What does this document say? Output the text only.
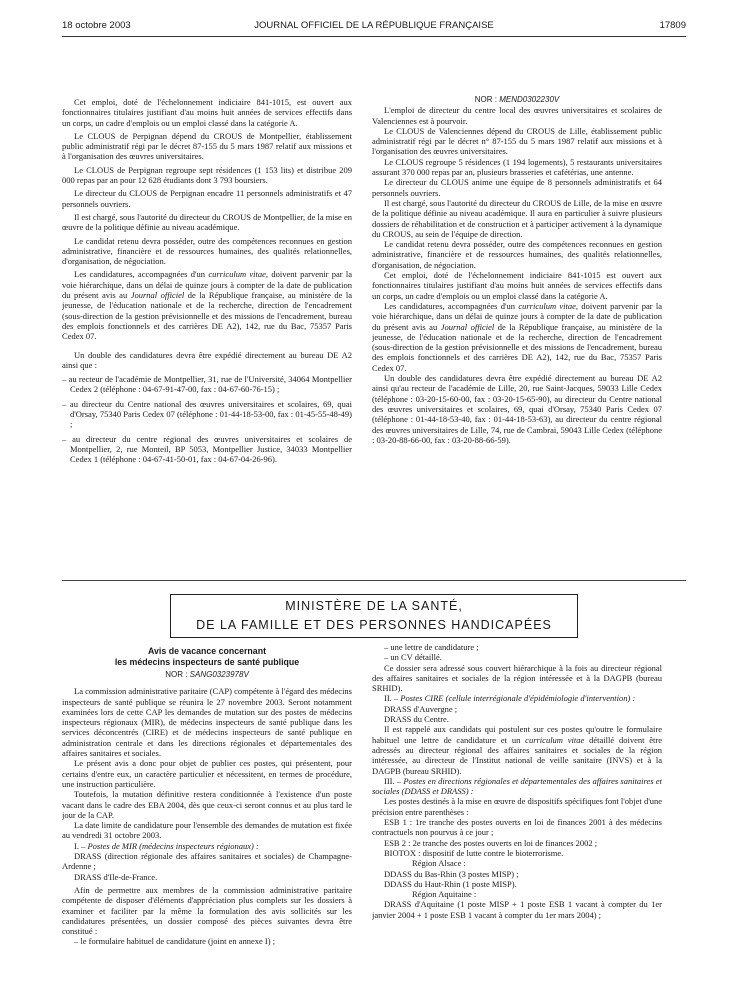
18 octobre 2003	JOURNAL OFFICIEL DE LA RÉPUBLIQUE FRANÇAISE	17809

Cet emploi, doté de l'échelonnement indiciaire 841-1015, est ouvert aux fonctionnaires titulaires justifiant d'au moins huit années de services effectifs dans un corps, un cadre d'emplois ou un emploi classé dans la catégorie A.

Le CLOUS de Perpignan dépend du CROUS de Montpellier, établissement public administratif régi par le décret 87-155 du 5 mars 1987 relatif aux missions et à l'organisation des œuvres universitaires.

Le CLOUS de Perpignan regroupe sept résidences (1 153 lits) et distribue 209 000 repas par an pour 12 628 étudiants dont 3 793 boursiers.

Le directeur du CLOUS de Perpignan encadre 11 personnels administratifs et 47 personnels ouvriers.

Il est chargé, sous l'autorité du directeur du CROUS de Montpellier, de la mise en œuvre de la politique définie au niveau académique.

Le candidat retenu devra posséder, outre des compétences reconnues en gestion administrative, financière et de ressources humaines, des qualités relationnelles, d'organisation, de négociation.

Les candidatures, accompagnées d'un curriculum vitae, doivent parvenir par la voie hiérarchique, dans un délai de quinze jours à compter de la date de publication du présent avis au Journal officiel de la République française, au ministère de la jeunesse, de l'éducation nationale et de la recherche, direction de l'encadrement (sous-direction de la gestion prévisionnelle et des missions de l'encadrement, bureau des emplois fonctionnels et des carrières DE A2), 142, rue du Bac, 75357 Paris Cedex 07.

Un double des candidatures devra être expédié directement au bureau DE A2 ainsi que :

– au recteur de l'académie de Montpellier, 31, rue de l'Université, 34064 Montpellier Cedex 2 (téléphone : 04-67-91-47-00, fax : 04-67-60-76-15) ;

– au directeur du Centre national des œuvres universitaires et scolaires, 69, quai d'Orsay, 75340 Paris Cedex 07 (téléphone : 01-44-18-53-00, fax : 01-45-55-48-49) ;

– au directeur du centre régional des œuvres universitaires et scolaires de Montpellier, 2, rue Monteil, BP 5053, Montpellier Justice, 34033 Montpellier Cedex 1 (téléphone : 04-67-41-50-01, fax : 04-67-04-26-96).

NOR : MEND0302230V

L'emploi de directeur du centre local des œuvres universitaires et scolaires de Valenciennes est à pourvoir.

Le CLOUS de Valenciennes dépend du CROUS de Lille, établissement public administratif régi par le décret n° 87-155 du 5 mars 1987 relatif aux missions et à l'organisation des œuvres universitaires.

Le CLOUS regroupe 5 résidences (1 194 logements), 5 restaurants universitaires assurant 370 000 repas par an, plusieurs brasseries et cafétérias, une antenne.

Le directeur du CLOUS anime une équipe de 8 personnels administratifs et 64 personnels ouvriers.

Il est chargé, sous l'autorité du directeur du CROUS de Lille, de la mise en œuvre de la politique définie au niveau académique. Il aura en particulier à suivre plusieurs dossiers de réhabilitation et de construction et à participer activement à la dynamique du CROUS, au sein de l'équipe de direction.

Le candidat retenu devra posséder, outre des compétences reconnues en gestion administrative, financière et de ressources humaines, des qualités relationnelles, d'organisation, de négociation.

Cet emploi, doté de l'échelonnement indiciaire 841-1015 est ouvert aux fonctionnaires titulaires justifiant d'au moins huit années de services effectifs dans un corps, un cadre d'emplois ou un emploi classé dans la catégorie A.

Les candidatures, accompagnées d'un curriculum vitae, doivent parvenir par la voie hiérarchique, dans un délai de quinze jours à compter de la date de publication du présent avis au Journal officiel de la République française, au ministère de la jeunesse, de l'éducation nationale et de la recherche, direction de l'encadrement (sous-direction de la gestion prévisionnelle et des missions de l'encadrement, bureau des emplois fonctionnels et des carrières DE A2), 142, rue du Bac, 75357 Paris Cedex 07.

Un double des candidatures devra être expédié directement au bureau DE A2 ainsi qu'au recteur de l'académie de Lille, 20, rue Saint-Jacques, 59033 Lille Cedex (téléphone : 03-20-15-60-00, fax : 03-20-15-65-90), au directeur du Centre national des œuvres universitaires et scolaires, 69, quai d'Orsay, 75340 Paris Cedex 07 (téléphone : 01-44-18-53-40, fax : 01-44-18-53-63), au directeur du centre régional des œuvres universitaires de Lille, 74, rue de Cambrai, 59043 Lille Cedex (téléphone : 03-20-88-66-00, fax : 03-20-88-66-59).

MINISTÈRE DE LA SANTÉ,
DE LA FAMILLE ET DES PERSONNES HANDICAPÉES
Avis de vacance concernant
les médecins inspecteurs de santé publique

NOR : SANG0323978V

La commission administrative paritaire (CAP) compétente à l'égard des médecins inspecteurs de santé publique se réunira le 27 novembre 2003. Seront notamment examinées lors de cette CAP les demandes de mutation sur des postes de médecins inspecteurs régionaux (MIR), de médecins inspecteurs de santé publique dans les services déconcentrés (CIRE) et de médecins inspecteurs de santé publique en administration centrale et dans les directions régionales et départementales des affaires sanitaires et sociales.

Le présent avis a donc pour objet de publier ces postes, qui présentent, pour certains d'entre eux, un caractère particulier et nécessitent, en termes de procédure, une instruction particulière.

Toutefois, la mutation définitive restera conditionnée à l'existence d'un poste vacant dans le cadre des EBA 2004, dès que ceux-ci seront connus et au plus tard le jour de la CAP.

La date limite de candidature pour l'ensemble des demandes de mutation est fixée au vendredi 31 octobre 2003.

I. – Postes de MIR (médecins inspecteurs régionaux) :

DRASS (direction régionale des affaires sanitaires et sociales) de Champagne-Ardenne ;

DRASS d'Ile-de-France.

Afin de permettre aux membres de la commission administrative paritaire compétente de disposer d'éléments d'appréciation plus complets sur les dossiers à examiner et faciliter par la même la formulation des avis sollicités sur les candidatures présentées, un dossier composé des pièces suivantes devra être constitué :

– le formulaire habituel de candidature (joint en annexe I) ;

– une lettre de candidature ;

– un CV détaillé.

Ce dossier sera adressé sous couvert hiérarchique à la fois au directeur régional des affaires sanitaires et sociales de la région intéressée et à la DAGPB (bureau SRHID).

II. – Postes CIRE (cellule interrégionale d'épidémiologie d'intervention) :

DRASS d'Auvergne ;

DRASS du Centre.

Il est rappelé aux candidats qui postulent sur ces postes qu'outre le formulaire habituel une lettre de candidature et un curriculum vitae détaillé doivent être adressés au directeur régional des affaires sanitaires et sociales de la région intéressée, au directeur de l'Institut national de veille sanitaire (INVS) et à la DAGPB (bureau SRHID).

III. – Postes en directions régionales et départementales des affaires sanitaires et sociales (DDASS et DRASS) :

Les postes destinés à la mise en œuvre de dispositifs spécifiques font l'objet d'une précision entre parenthèses :

ESB 1 : 1re tranche des postes ouverts en loi de finances 2001 à des médecins contractuels non pourvus à ce jour ;

ESB 2 : 2e tranche des postes ouverts en loi de finances 2002 ;

BIOTOX : dispositif de lutte contre le bioterrorisme.

Région Alsace :

DDASS du Bas-Rhin (3 postes MISP) ;

DDASS du Haut-Rhin (1 poste MISP).

Région Aquitaine :

DRASS d'Aquitaine (1 poste MISP + 1 poste ESB 1 vacant à compter du 1er janvier 2004 + 1 poste ESB 1 vacant à compter du 1er mars 2004) ;
